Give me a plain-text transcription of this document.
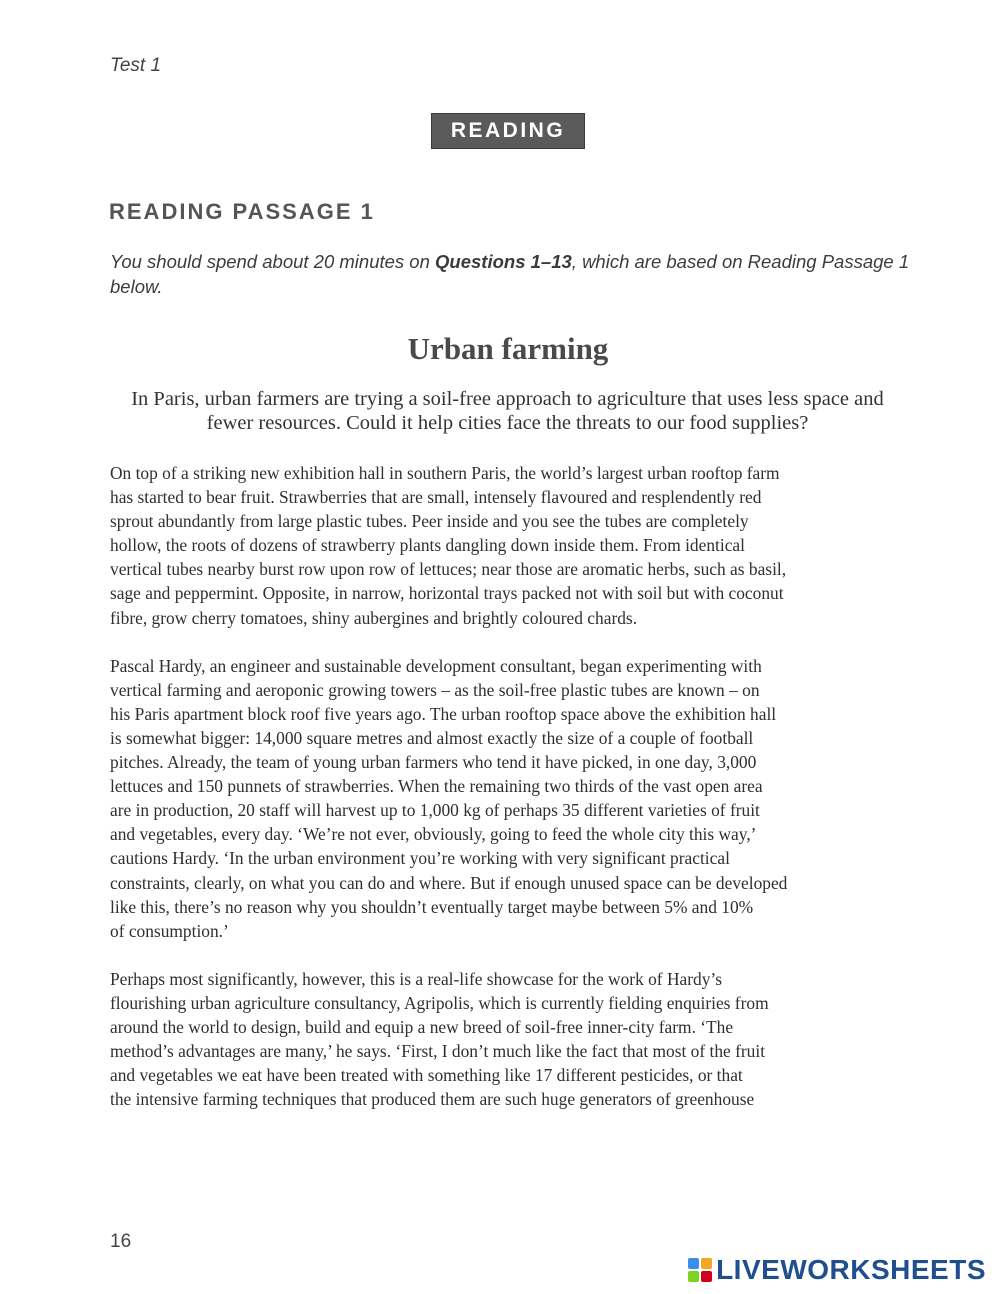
Test 1
READING
READING PASSAGE 1
You should spend about 20 minutes on Questions 1–13, which are based on Reading Passage 1 below.
Urban farming
In Paris, urban farmers are trying a soil-free approach to agriculture that uses less space and fewer resources. Could it help cities face the threats to our food supplies?

On top of a striking new exhibition hall in southern Paris, the world’s largest urban rooftop farm
has started to bear fruit. Strawberries that are small, intensely flavoured and resplendently red
sprout abundantly from large plastic tubes. Peer inside and you see the tubes are completely
hollow, the roots of dozens of strawberry plants dangling down inside them. From identical
vertical tubes nearby burst row upon row of lettuces; near those are aromatic herbs, such as basil,
sage and peppermint. Opposite, in narrow, horizontal trays packed not with soil but with coconut
fibre, grow cherry tomatoes, shiny aubergines and brightly coloured chards.

Pascal Hardy, an engineer and sustainable development consultant, began experimenting with
vertical farming and aeroponic growing towers – as the soil-free plastic tubes are known – on
his Paris apartment block roof five years ago. The urban rooftop space above the exhibition hall
is somewhat bigger: 14,000 square metres and almost exactly the size of a couple of football
pitches. Already, the team of young urban farmers who tend it have picked, in one day, 3,000
lettuces and 150 punnets of strawberries. When the remaining two thirds of the vast open area
are in production, 20 staff will harvest up to 1,000 kg of perhaps 35 different varieties of fruit
and vegetables, every day. ‘We’re not ever, obviously, going to feed the whole city this way,’
cautions Hardy. ‘In the urban environment you’re working with very significant practical
constraints, clearly, on what you can do and where. But if enough unused space can be developed
like this, there’s no reason why you shouldn’t eventually target maybe between 5% and 10%
of consumption.’

Perhaps most significantly, however, this is a real-life showcase for the work of Hardy’s
flourishing urban agriculture consultancy, Agripolis, which is currently fielding enquiries from
around the world to design, build and equip a new breed of soil-free inner-city farm. ‘The
method’s advantages are many,’ he says. ‘First, I don’t much like the fact that most of the fruit
and vegetables we eat have been treated with something like 17 different pesticides, or that
the intensive farming techniques that produced them are such huge generators of greenhouse

16
LIVEWORKSHEETS
